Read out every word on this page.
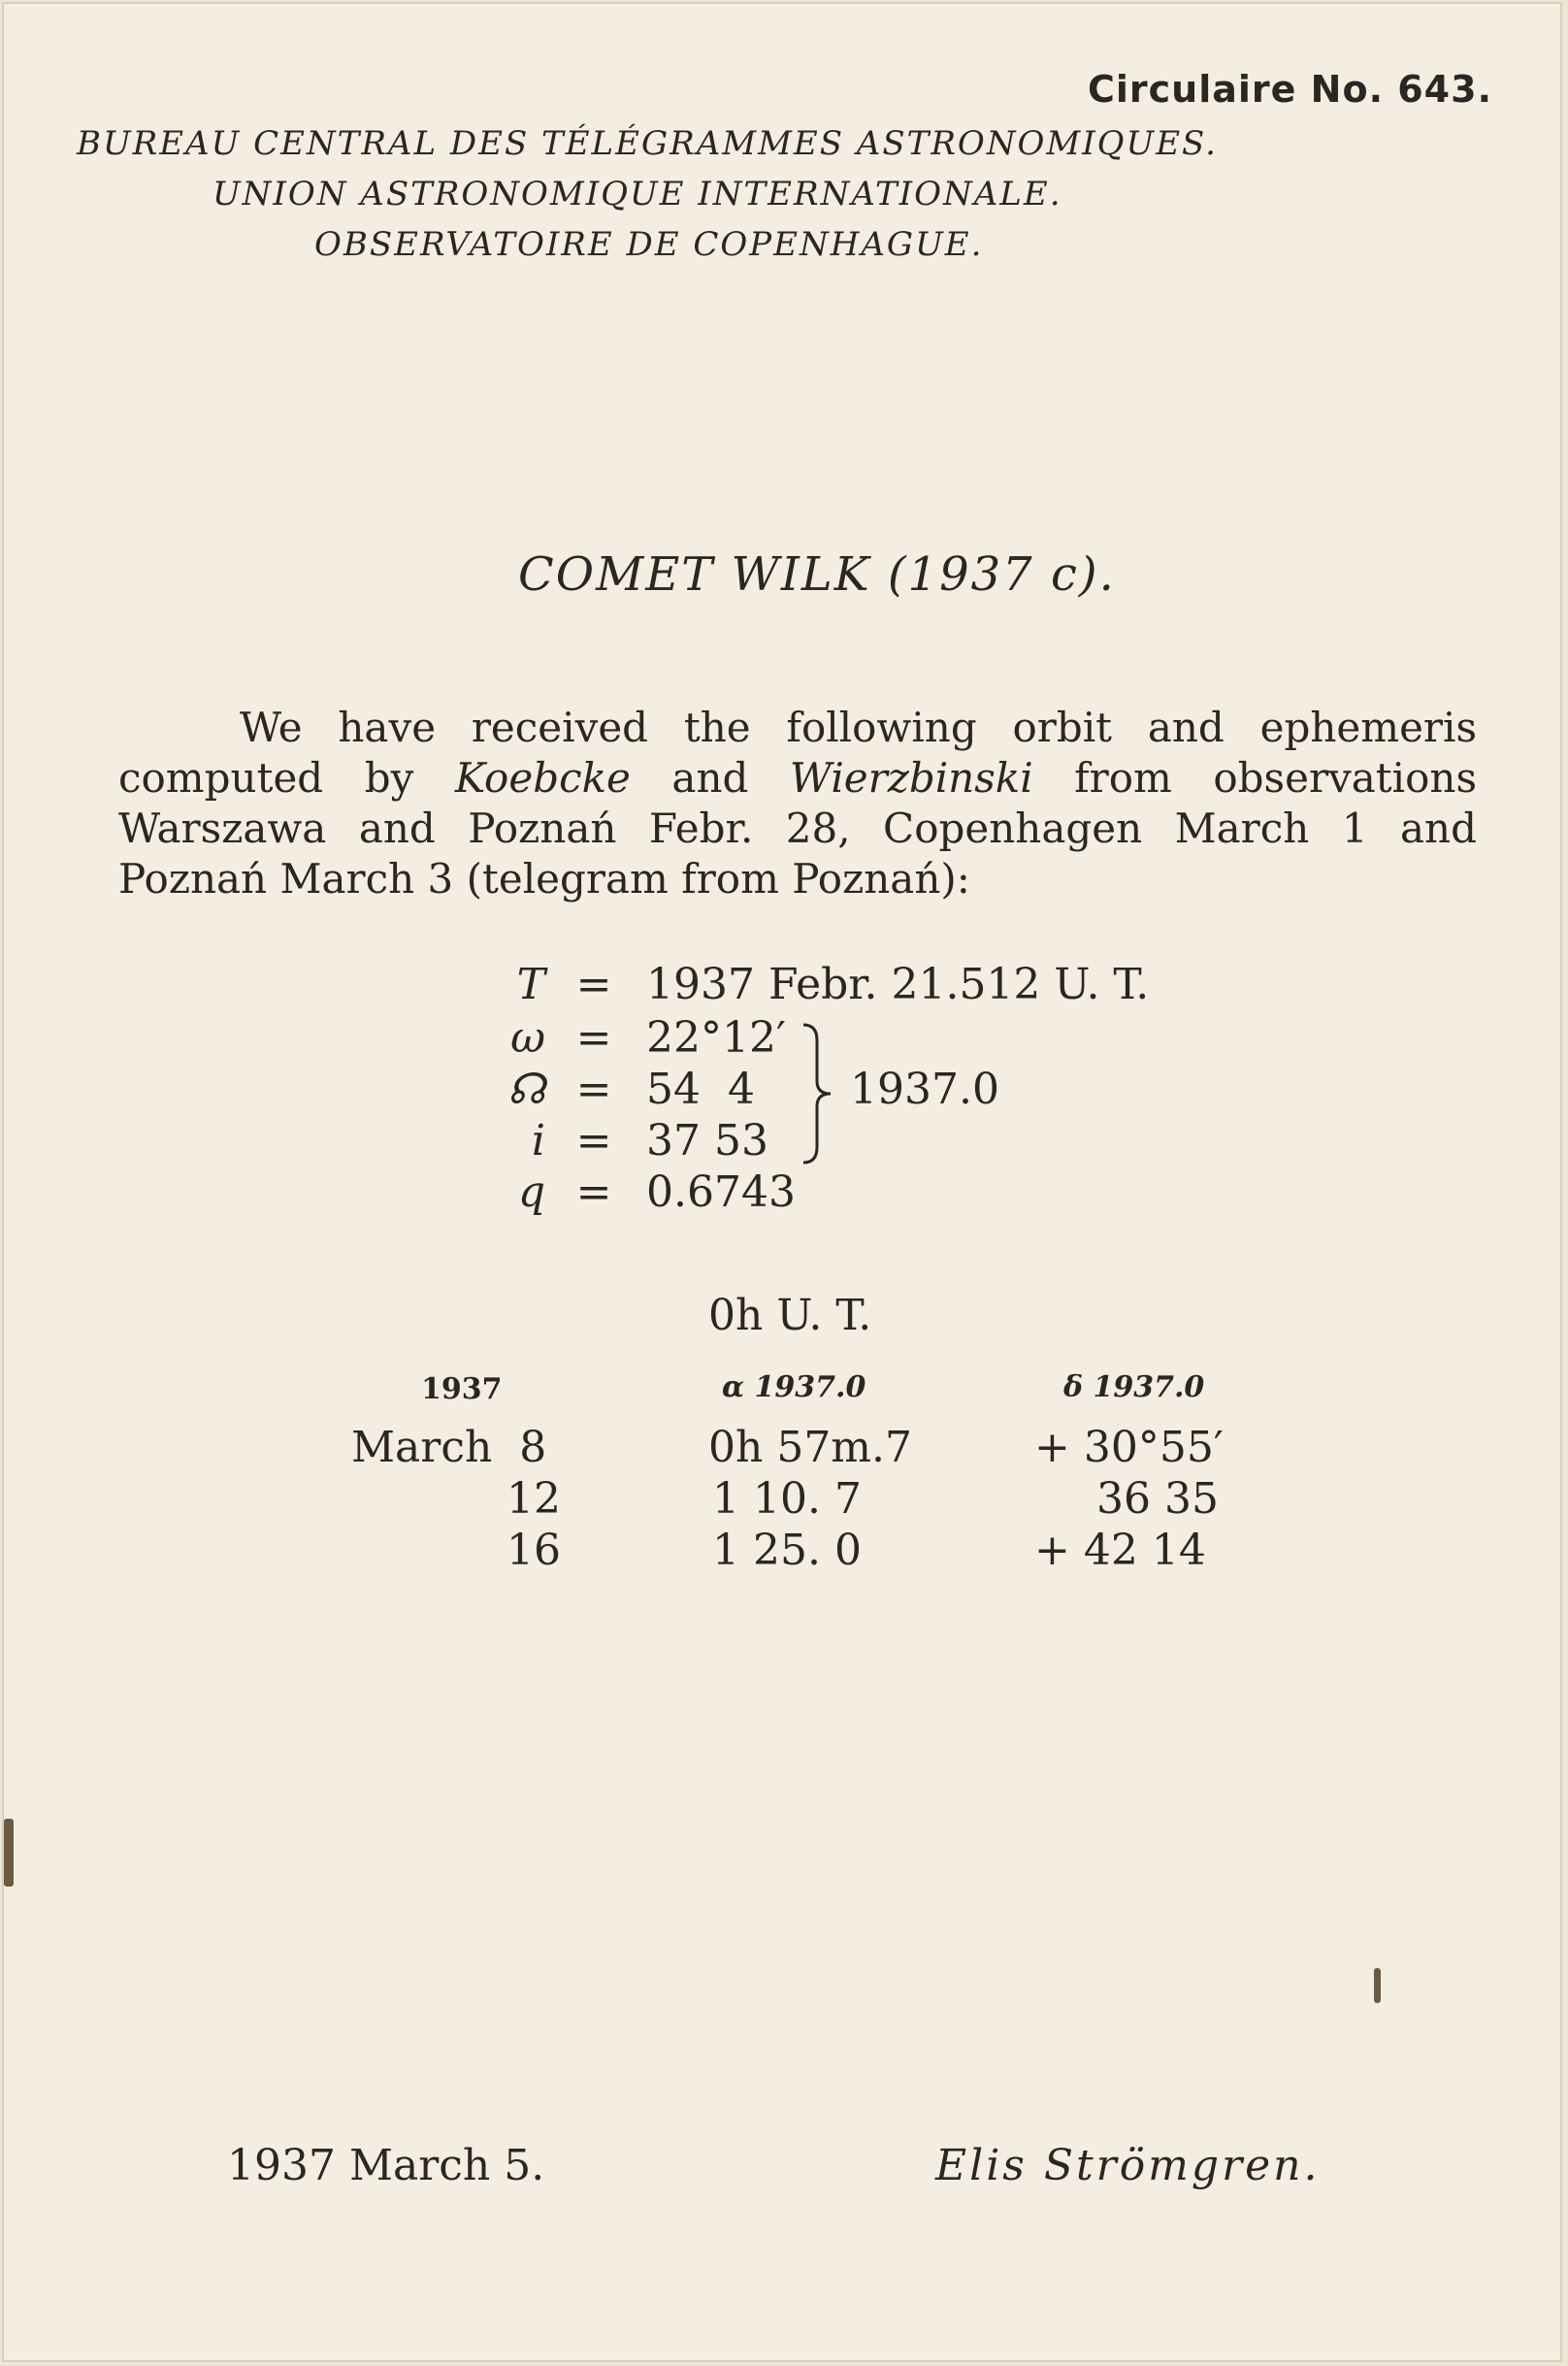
Circulaire No. 643.
BUREAU CENTRAL DES TÉLÉGRAMMES ASTRONOMIQUES.
UNION ASTRONOMIQUE INTERNATIONALE.
OBSERVATOIRE DE COPENHAGUE.
COMET WILK (1937 c).

We have received the following orbit and ephemeris computed by Koebcke and Wierzbinski from observations Warszawa and Poznań Febr. 28, Copenhagen March 1 and Poznań March 3 (telegram from Poznań):

T = 1937 Febr. 21.512 U. T.
ω = 22°12′
☊ = 54  4
i = 37 53
1937.0
q = 0.6743
0h U. T.
1937	α 1937.0	δ 1937.0
March  8	0h 57m.7	+ 30°55′
12	1 10. 7	36 35
16	1 25. 0	+ 42 14
1937 March 5.	Elis Strömgren.
